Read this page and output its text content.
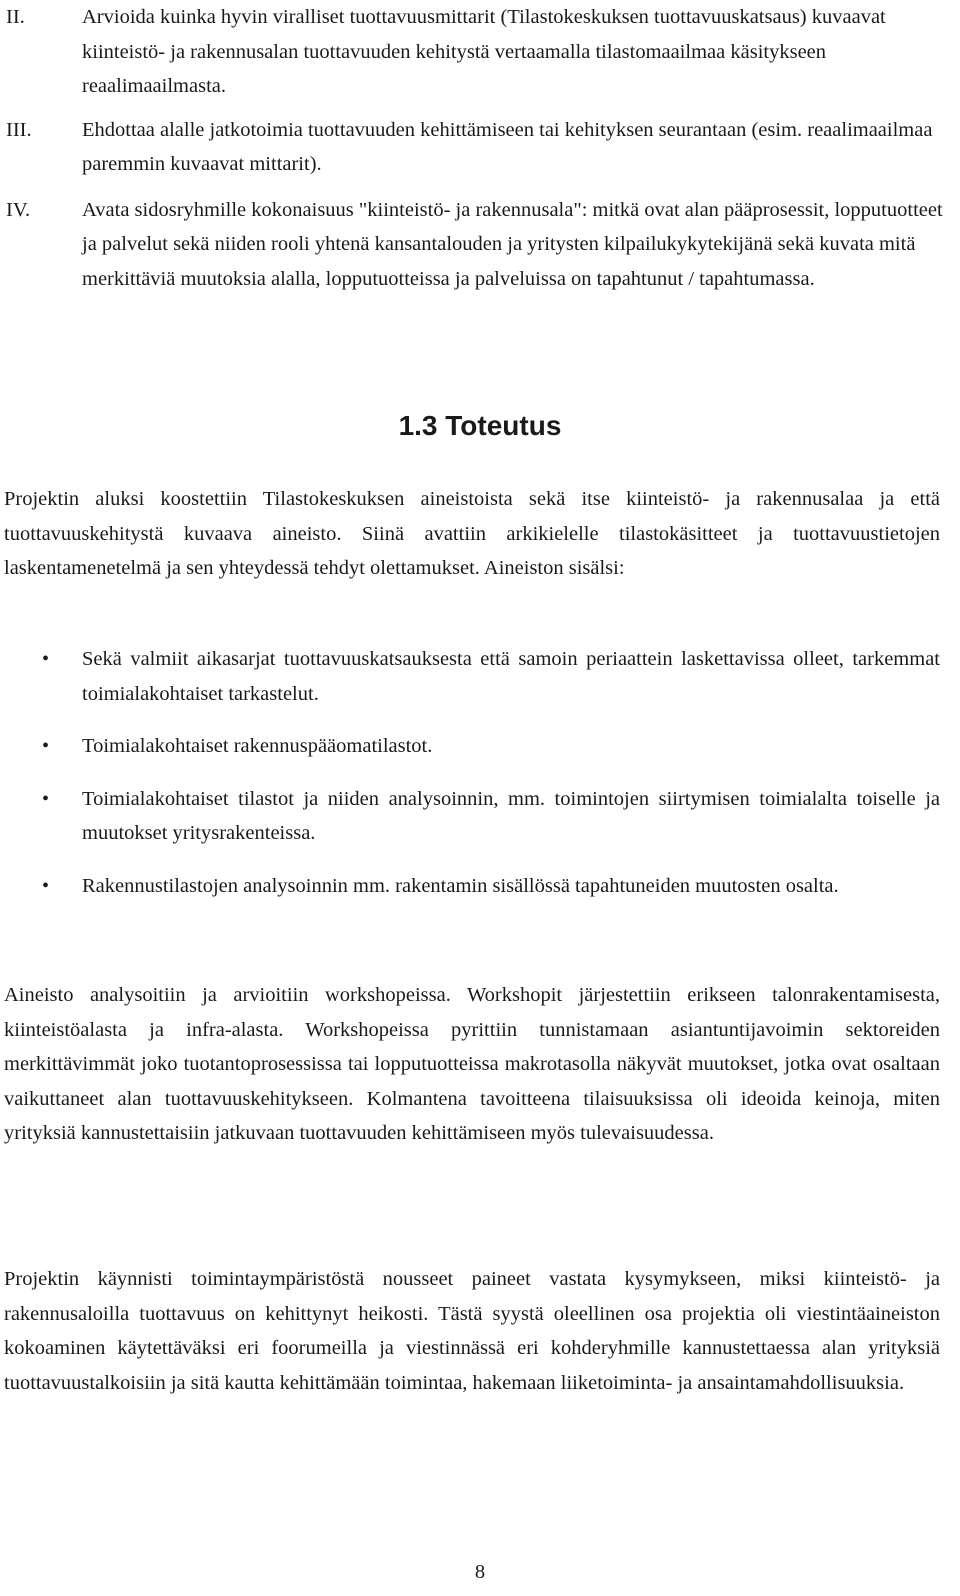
II.	Arvioida kuinka hyvin viralliset tuottavuusmittarit (Tilastokeskuksen tuottavuuskatsaus) kuvaavat kiinteistö- ja rakennusalan tuottavuuden kehitystä vertaamalla tilastomaailmaa käsitykseen reaalimaailmasta.
III. Ehdottaa alalle jatkotoimia tuottavuuden kehittämiseen tai kehityksen seurantaan (esim. reaalimaailmaa paremmin kuvaavat mittarit).
IV.	Avata sidosryhmille kokonaisuus "kiinteistö- ja rakennusala": mitkä ovat alan pääprosessit, lopputuotteet ja palvelut sekä niiden rooli yhtenä kansantalouden ja yritysten kilpailukykytekijänä sekä kuvata mitä merkittäviä muutoksia alalla, lopputuotteissa ja palveluissa on tapahtunut / tapahtumassa.
1.3 Toteutus

Projektin aluksi koostettiin Tilastokeskuksen aineistoista sekä itse kiinteistö- ja rakennusalaa ja että tuottavuuskehitystä kuvaava aineisto. Siinä avattiin arkikielelle tilastokäsitteet ja tuottavuustietojen laskentamenetelmä ja sen yhteydessä tehdyt olettamukset. Aineiston sisälsi:

• Sekä valmiit aikasarjat tuottavuuskatsauksesta että samoin periaattein laskettavissa olleet, tarkemmat toimialakohtaiset tarkastelut.
• Toimialakohtaiset rakennuspääomatilastot.
• Toimialakohtaiset tilastot ja niiden analysoinnin, mm. toimintojen siirtymisen toimialalta toiselle ja muutokset yritysrakenteissa.
• Rakennustilastojen analysoinnin mm. rakentamin sisällössä tapahtuneiden muutosten osalta.

Aineisto analysoitiin ja arvioitiin workshopeissa. Workshopit järjestettiin erikseen talonrakentamisesta, kiinteistöalasta ja infra-alasta. Workshopeissa pyrittiin tunnistamaan asiantuntijavoimin sektoreiden merkittävimmät joko tuotantoprosessissa tai lopputuotteissa makrotasolla näkyvät muutokset, jotka ovat osaltaan vaikuttaneet alan tuottavuuskehitykseen. Kolmantena tavoitteena tilaisuuksissa oli ideoida keinoja, miten yrityksiä kannustettaisiin jatkuvaan tuottavuuden kehittämiseen myös tulevaisuudessa.

Projektin käynnisti toimintaympäristöstä nousseet paineet vastata kysymykseen, miksi kiinteistö- ja rakennusaloilla tuottavuus on kehittynyt heikosti. Tästä syystä oleellinen osa projektia oli viestintäaineiston kokoaminen käytettäväksi eri foorumeilla ja viestinnässä eri kohderyhmille kannustettaessa alan yrityksiä tuottavuustalkoisiin ja sitä kautta kehittämään toimintaa, hakemaan liiketoiminta- ja ansaintamahdollisuuksia.

8
